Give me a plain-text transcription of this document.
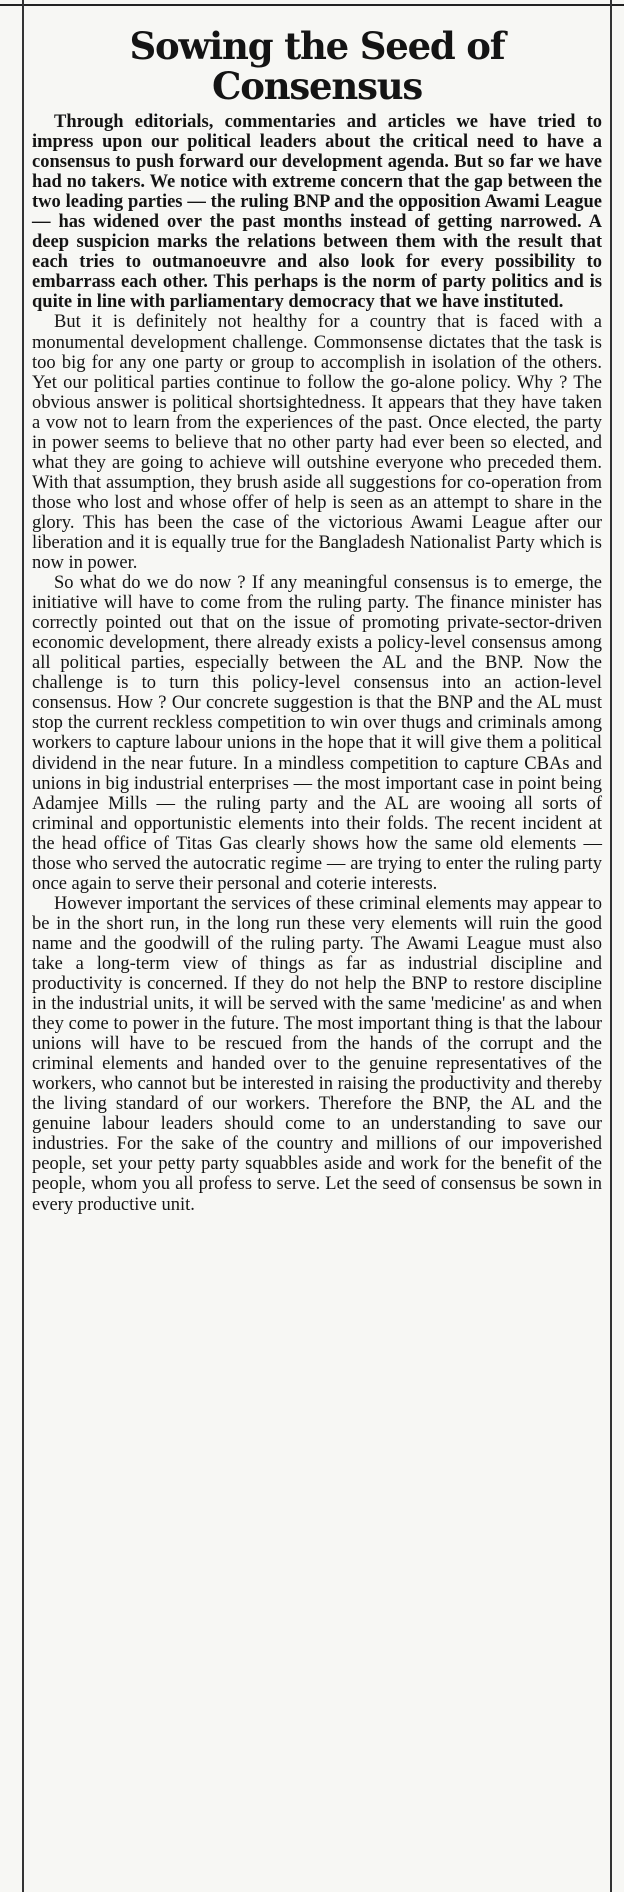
Sowing the Seed of
Consensus

Through editorials, commentaries and articles we have tried to impress upon our political leaders about the critical need to have a consensus to push forward our development agenda. But so far we have had no takers. We notice with extreme concern that the gap between the two leading parties — the ruling BNP and the opposition Awami League — has widened over the past months instead of getting narrowed. A deep suspicion marks the relations between them with the result that each tries to outmanoeuvre and also look for every possibility to embarrass each other. This perhaps is the norm of party politics and is quite in line with parliamentary democracy that we have instituted.

But it is definitely not healthy for a country that is faced with a monumental development challenge. Commonsense dictates that the task is too big for any one party or group to accomplish in isolation of the others. Yet our political parties continue to follow the go-alone policy. Why ? The obvious answer is political shortsightedness. It appears that they have taken a vow not to learn from the experiences of the past. Once elected, the party in power seems to believe that no other party had ever been so elected, and what they are going to achieve will outshine everyone who preceded them. With that assumption, they brush aside all suggestions for co-operation from those who lost and whose offer of help is seen as an attempt to share in the glory. This has been the case of the victorious Awami League after our liberation and it is equally true for the Bangladesh Nationalist Party which is now in power.

So what do we do now ? If any meaningful consensus is to emerge, the initiative will have to come from the ruling party. The finance minister has correctly pointed out that on the issue of promoting private-sector-driven economic development, there already exists a policy-level consensus among all political parties, especially between the AL and the BNP. Now the challenge is to turn this policy-level consensus into an action-level consensus. How ? Our concrete suggestion is that the BNP and the AL must stop the current reckless competition to win over thugs and criminals among workers to capture labour unions in the hope that it will give them a political dividend in the near future. In a mindless competition to capture CBAs and unions in big industrial enterprises — the most important case in point being Adamjee Mills — the ruling party and the AL are wooing all sorts of criminal and opportunistic elements into their folds. The recent incident at the head office of Titas Gas clearly shows how the same old elements — those who served the autocratic regime — are trying to enter the ruling party once again to serve their personal and coterie interests.

However important the services of these criminal elements may appear to be in the short run, in the long run these very elements will ruin the good name and the goodwill of the ruling party. The Awami League must also take a long-term view of things as far as industrial discipline and productivity is concerned. If they do not help the BNP to restore discipline in the industrial units, it will be served with the same 'medicine' as and when they come to power in the future. The most important thing is that the labour unions will have to be rescued from the hands of the corrupt and the criminal elements and handed over to the genuine representatives of the workers, who cannot but be interested in raising the productivity and thereby the living standard of our workers. Therefore the BNP, the AL and the genuine labour leaders should come to an understanding to save our industries. For the sake of the country and millions of our impoverished people, set your petty party squabbles aside and work for the benefit of the people, whom you all profess to serve. Let the seed of consensus be sown in every productive unit.
